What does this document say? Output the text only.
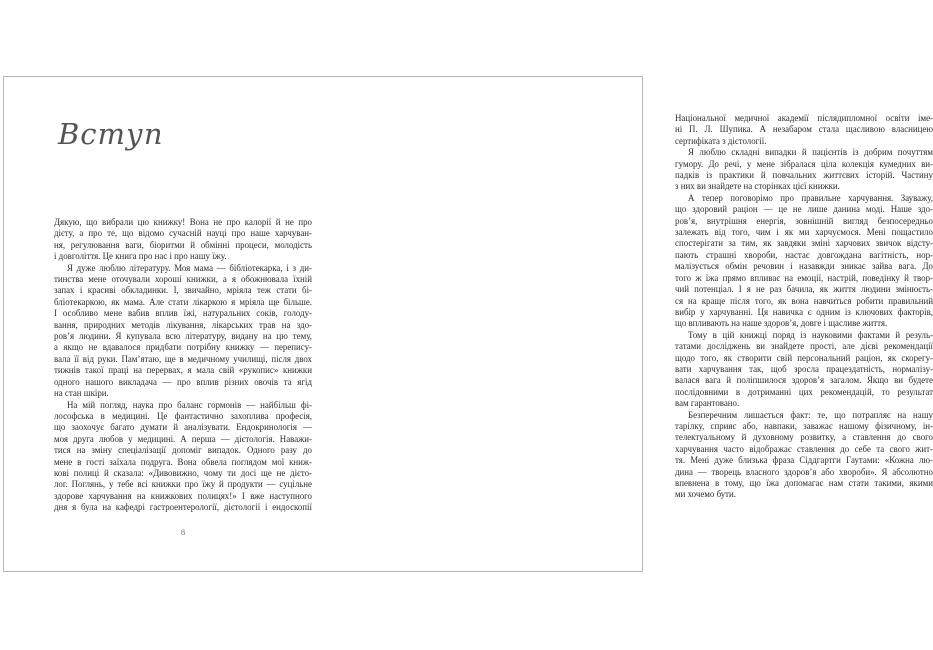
Вступ
Дякую, що вибрали цю книжку! Вона не про калорії й не про
дієту, а про те, що відомо сучасній науці про наше харчуван-
ня, регулювання ваги, біоритми й обмінні процеси, молодість
і довголіття. Це книга про нас і про нашу їжу.
Я дуже люблю літературу. Моя мама — бібліотекарка, і з ди-
тинства мене оточували хороші книжки, а я обожнювала їхній
запах і красиві обкладинки. І, звичайно, мріяла теж стати бі-
бліотекаркою, як мама. Але стати лікаркою я мріяла ще більше.
І особливо мене вабив вплив їжі, натуральних соків, голоду-
вання, природних методів лікування, лікарських трав на здо-
ров’я людини. Я купувала всю літературу, видану на цю тему,
а якщо не вдавалося придбати потрібну книжку — перепису-
вала її від руки. Пам’ятаю, ще в медичному училищі, після двох
тижнів такої праці на перервах, я мала свій «рукопис» книжки
одного нашого викладача — про вплив різних овочів та ягід
на стан шкіри.
На мій погляд, наука про баланс гормонів — найбільш фі-
лософська в медицині. Це фантастично захоплива професія,
що заохочує багато думати й аналізувати. Ендокринологія —
моя друга любов у медицині. А перша — дієтологія. Наважи-
тися на зміну спеціалізації допоміг випадок. Одного разу до
мене в гості заїхала подруга. Вона обвела поглядом мої книж-
кові полиці й сказала: «Дивовижно, чому ти досі ще не дієто-
лог. Поглянь, у тебе всі книжки про їжу й продукти — суцільне
здорове харчування на книжкових полицях!» І вже наступного
дня я була на кафедрі гастроентерології, дієтології і ендоскопії
8
Національної медичної академії післядипломної освіти іме-
ні П. Л. Шупика. А незабаром стала щасливою власницею
сертифіката з дієтології.
Я люблю складні випадки й пацієнтів із добрим почуттям
гумору. До речі, у мене зібралася ціла колекція кумедних ви-
падків із практики й повчальних життєвих історій. Частину
з них ви знайдете на сторінках цієї книжки.
А тепер поговорімо про правильне харчування. Зауважу,
що здоровий раціон — це не лише данина моді. Наше здо-
ров’я, внутрішня енергія, зовнішній вигляд безпосередньо
залежать від того, чим і як ми харчуємося. Мені пощастило
спостерігати за тим, як завдяки зміні харчових звичок відсту-
пають страшні хвороби, настає довгождана вагітність, нор-
малізується обмін речовин і назавжди зникає зайва вага. До
того ж їжа прямо впливає на емоції, настрій, поведінку й твор-
чий потенціал. І я не раз бачила, як життя людини змінюєть-
ся на краще після того, як вона навчиться робити правильний
вибір у харчуванні. Ця навичка є одним із ключових факторів,
що впливають на наше здоров’я, довге і щасливе життя.
Тому в цій книжці поряд із науковими фактами й резуль-
татами досліджень ви знайдете прості, але дієві рекомендації
щодо того, як створити свій персональний раціон, як скорегу-
вати харчування так, щоб зросла працездатність, нормалізу-
валася вага й поліпшилося здоров’я загалом. Якщо ви будете
послідовними в дотриманні цих рекомендацій, то результат
вам гарантовано.
Безперечним лишається факт: те, що потрапляє на нашу
тарілку, сприяє або, навпаки, заважає нашому фізичному, ін-
телектуальному й духовному розвитку, а ставлення до свого
харчування часто відображає ставлення до себе та свого жит-
тя. Мені дуже близька фраза Сіддгартги Гаутами: «Кожна лю-
дина — творець власного здоров’я або хвороби». Я абсолютно
впевнена в тому, що їжа допомагає нам стати такими, якими
ми хочемо бути.
